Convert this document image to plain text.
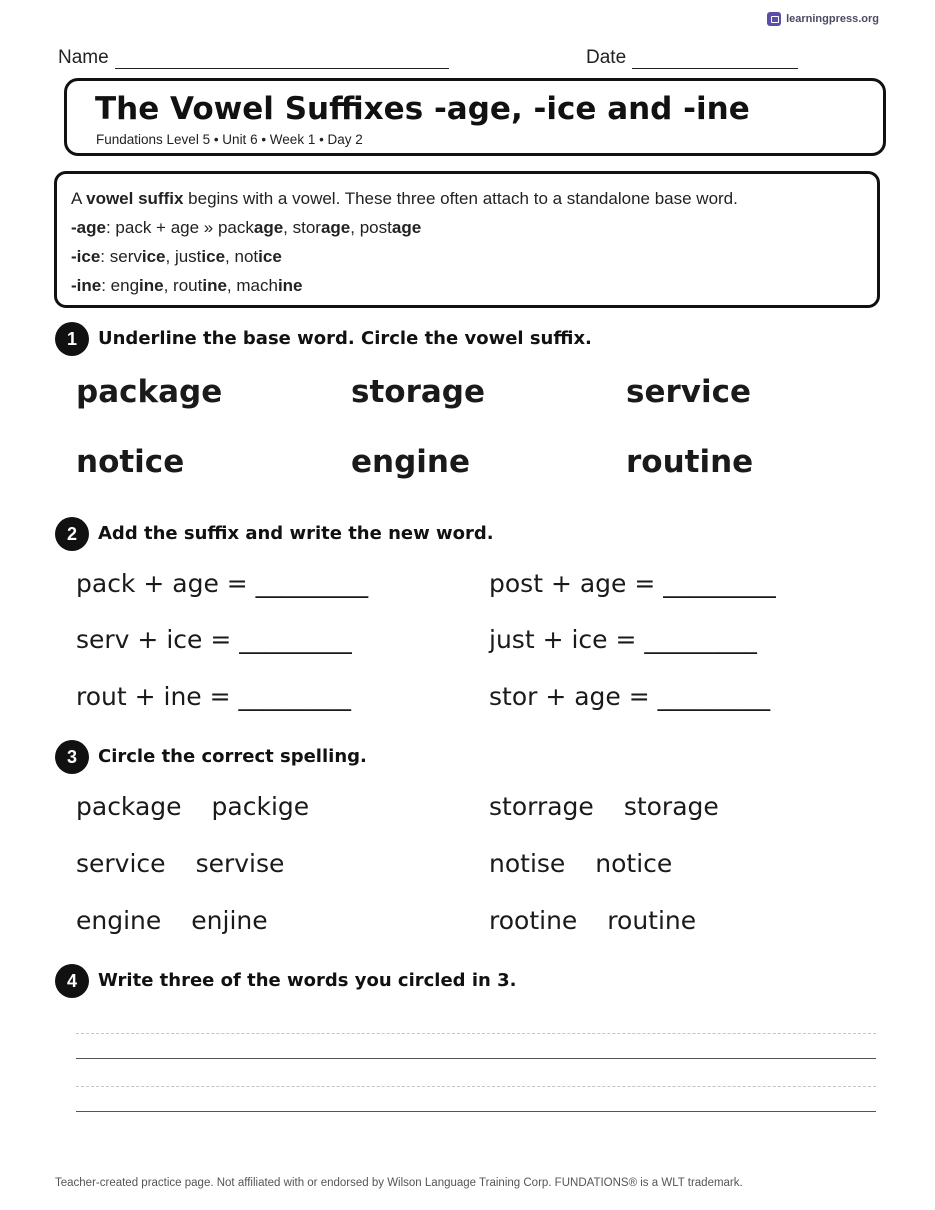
learningpress.org
Name	Date
The Vowel Suffixes -age, -ice and -ine
Fundations Level 5 • Unit 6 • Week 1 • Day 2
A vowel suffix begins with a vowel. These three often attach to a standalone base word.
-age: pack + age » package, storage, postage
-ice: service, justice, notice
-ine: engine, routine, machine
1	Underline the base word. Circle the vowel suffix.
package	storage	service
notice	engine	routine
2	Add the suffix and write the new word.
pack + age = _________	post + age = _________
serv + ice = _________	just + ice = _________
rout + ine = _________	stor + age = _________
3	Circle the correct spelling.
package packige	storrage storage
service servise	notise notice
engine enjine	rootine routine
4	Write three of the words you circled in 3.
Teacher-created practice page. Not affiliated with or endorsed by Wilson Language Training Corp. FUNDATIONS® is a WLT trademark.
